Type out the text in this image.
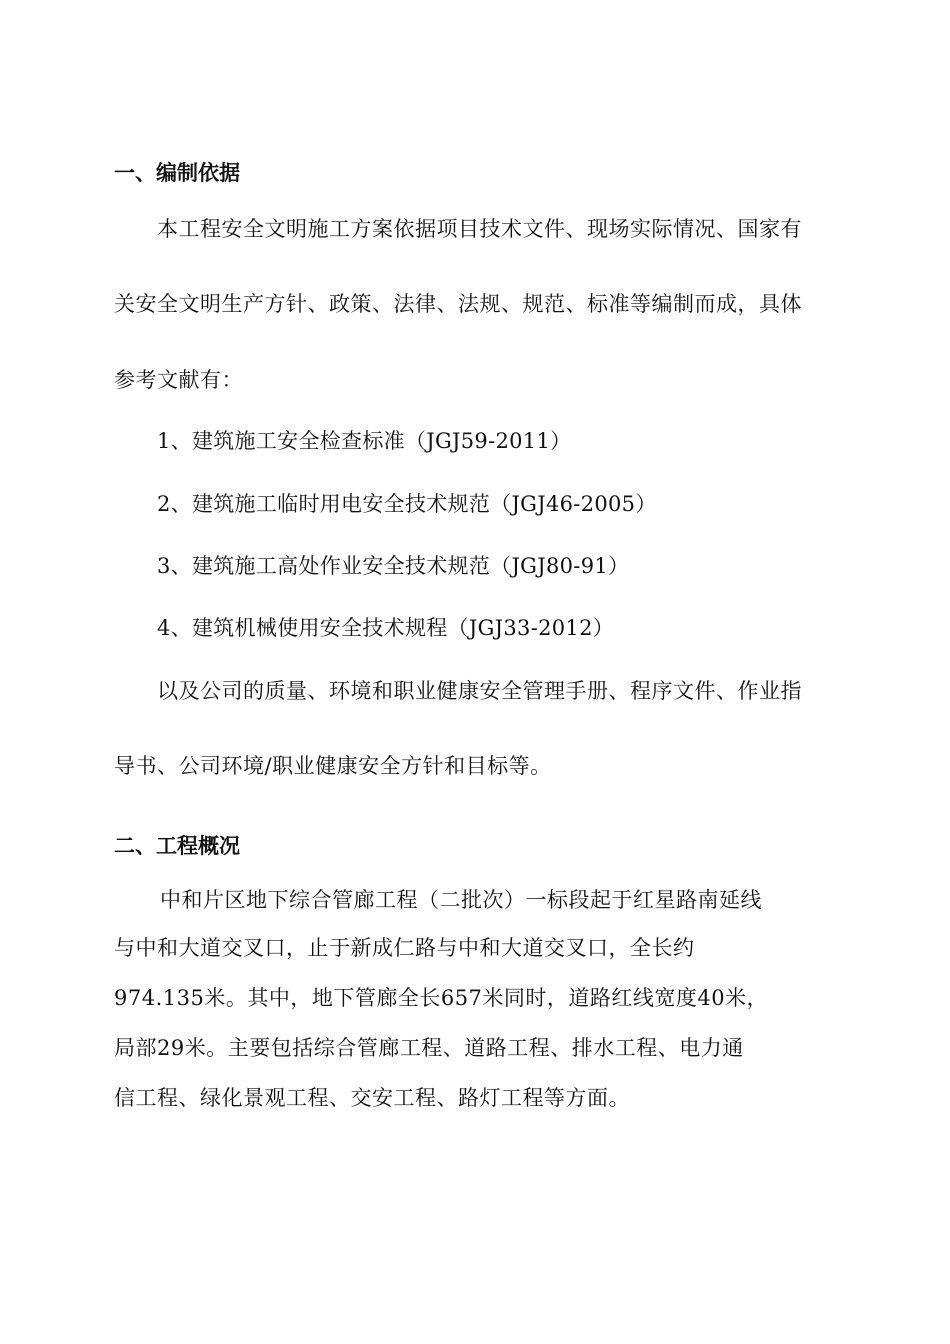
一、编制依据
本工程安全文明施工方案依据项目技术文件、现场实际情况、国家有
关安全文明生产方针、政策、法律、法规、规范、标准等编制而成，具体
参考文献有：
1、建筑施工安全检查标准（JGJ59-2011）
2、建筑施工临时用电安全技术规范（JGJ46-2005）
3、建筑施工高处作业安全技术规范（JGJ80-91）
4、建筑机械使用安全技术规程（JGJ33-2012）
以及公司的质量、环境和职业健康安全管理手册、程序文件、作业指
导书、公司环境/职业健康安全方针和目标等。
二、工程概况
中和片区地下综合管廊工程（二批次）一标段起于红星路南延线
与中和大道交叉口，止于新成仁路与中和大道交叉口，全长约
974.135米。其中，地下管廊全长657米同时，道路红线宽度40米，
局部29米。主要包括综合管廊工程、道路工程、排水工程、电力通
信工程、绿化景观工程、交安工程、路灯工程等方面。
